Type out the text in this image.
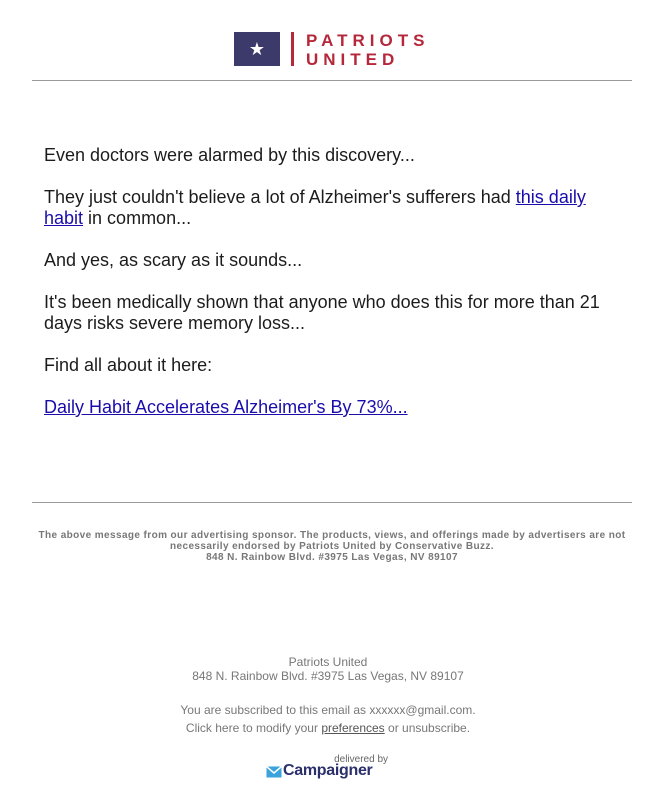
★	PATRIOTS
UNITED

Even doctors were alarmed by this discovery...

They just couldn't believe a lot of Alzheimer's sufferers had this daily habit in common...

And yes, as scary as it sounds...

It's been medically shown that anyone who does this for more than 21 days risks severe memory loss...

Find all about it here:

Daily Habit Accelerates Alzheimer's By 73%...

The above message from our advertising sponsor. The products, views, and offerings made by advertisers are not necessarily endorsed by Patriots United by Conservative Buzz.
848 N. Rainbow Blvd. #3975 Las Vegas, NV 89107
Patriots United
848 N. Rainbow Blvd. #3975 Las Vegas, NV 89107
You are subscribed to this email as xxxxxx@gmail.com.
Click here to modify your preferences or unsubscribe.
delivered by
Campaigner
